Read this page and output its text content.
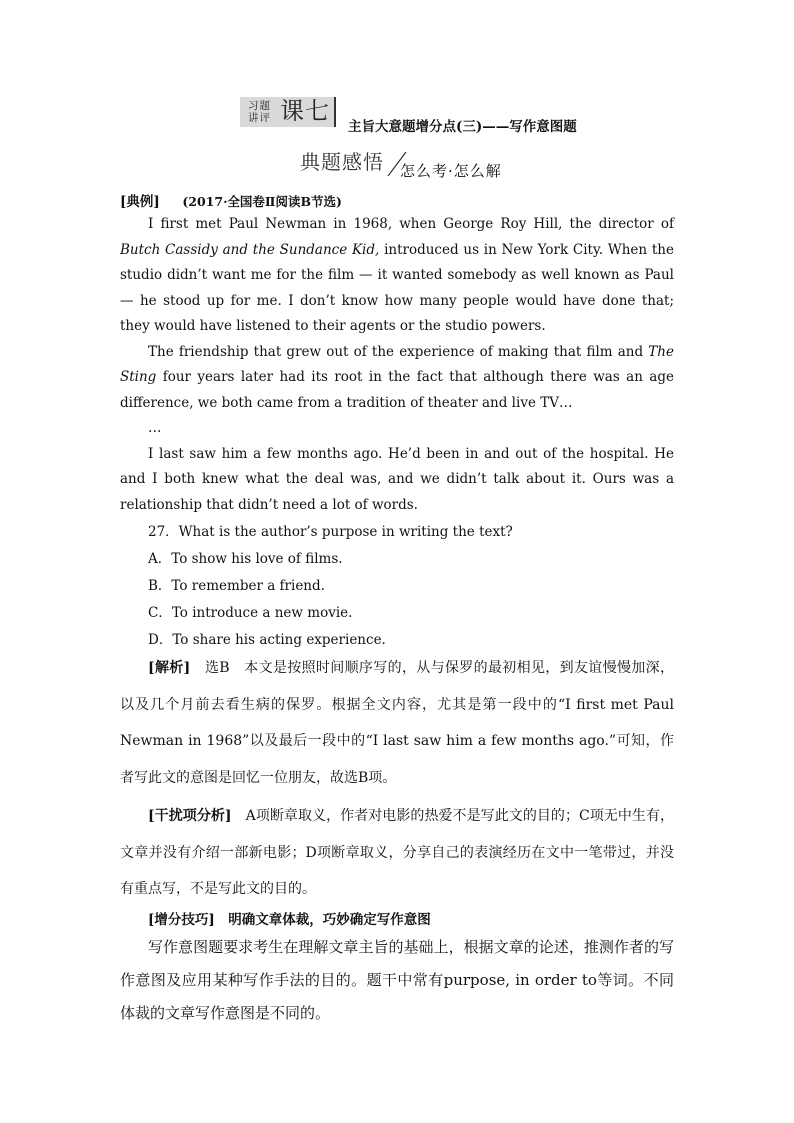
习题讲评 课七
主旨大意题增分点(三)——写作意图题
典题感悟 怎么考·怎么解
[典例] (2017·全国卷Ⅱ阅读B节选)

I first met Paul Newman in 1968, when George Roy Hill, the director of Butch Cassidy and the Sundance Kid, introduced us in New York City. When the studio didn’t want me for the film — it wanted somebody as well known as Paul — he stood up for me. I don’t know how many people would have done that; they would have listened to their agents or the studio powers.

The friendship that grew out of the experience of making that film and The Sting four years later had its root in the fact that although there was an age difference, we both came from a tradition of theater and live TV…

…

I last saw him a few months ago. He’d been in and out of the hospital. He and I both knew what the deal was, and we didn’t talk about it. Ours was a relationship that didn’t need a lot of words.

27．What is the author’s purpose in writing the text?
A．To show his love of films.
B．To remember a friend.
C．To introduce a new movie.
D．To share his acting experience.

[解析]　选B　本文是按照时间顺序写的，从与保罗的最初相见，到友谊慢慢加深，以及几个月前去看生病的保罗。根据全文内容，尤其是第一段中的“I first met Paul Newman in 1968”以及最后一段中的“I last saw him a few months ago.”可知，作者写此文的意图是回忆一位朋友，故选B项。

[干扰项分析]　A项断章取义，作者对电影的热爱不是写此文的目的；C项无中生有，文章并没有介绍一部新电影；D项断章取义，分享自己的表演经历在文中一笔带过，并没有重点写，不是写此文的目的。

[增分技巧]　明确文章体裁，巧妙确定写作意图

写作意图题要求考生在理解文章主旨的基础上，根据文章的论述，推测作者的写作意图及应用某种写作手法的目的。题干中常有purpose, in order to等词。不同体裁的文章写作意图是不同的。
